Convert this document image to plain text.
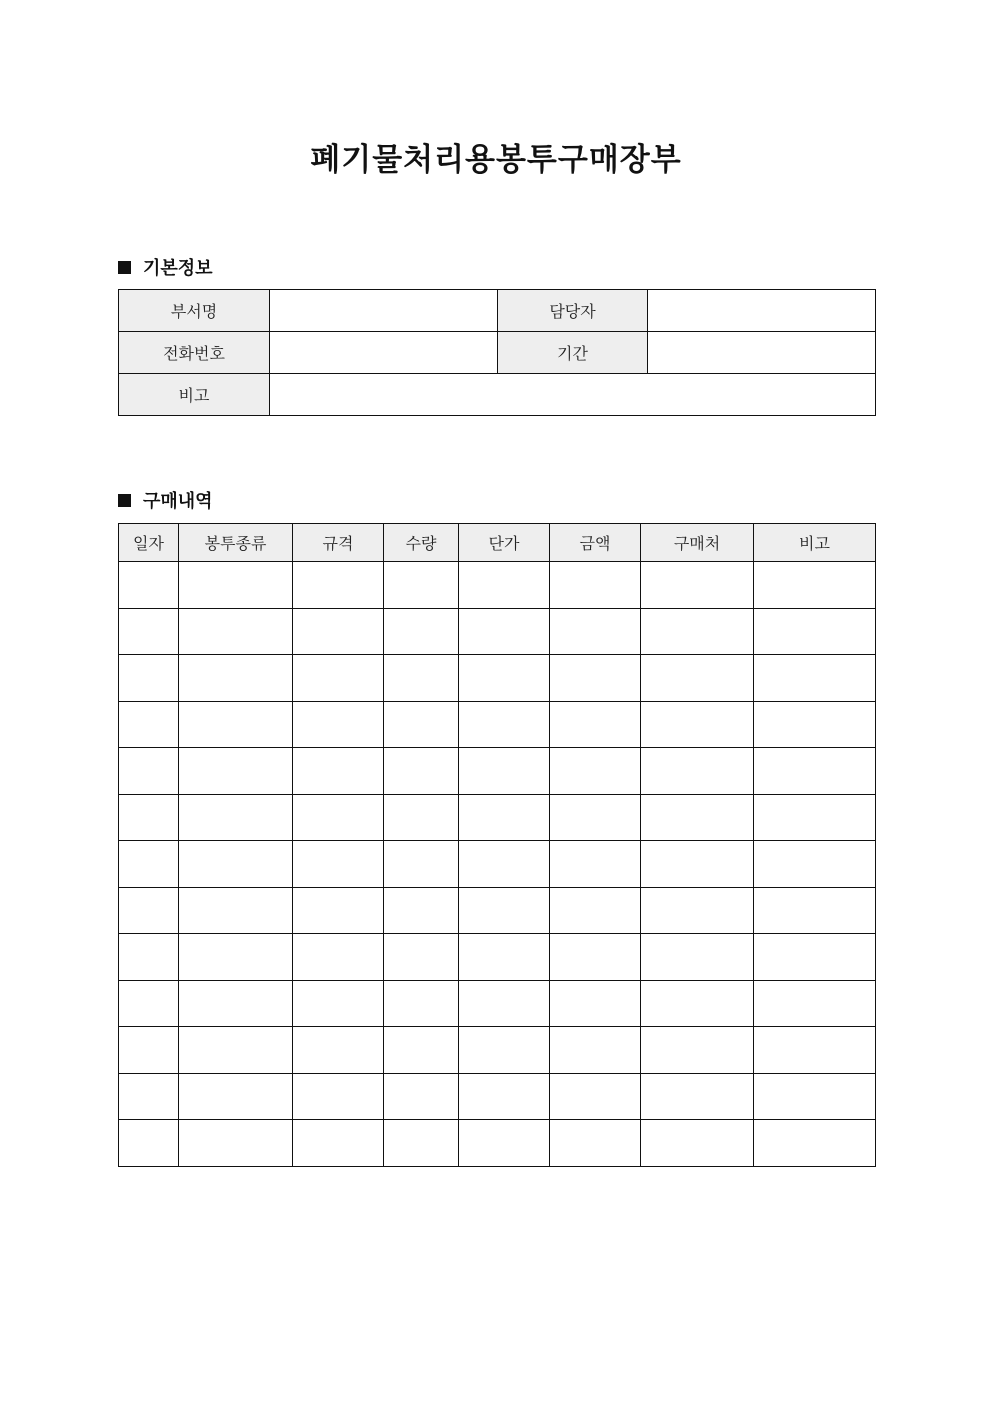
폐기물처리용봉투구매장부
기본정보
부서명		담당자	
전화번호		기간	
비고			
구매내역
일자	봉투종류	규격	수량	단가	금액	구매처	비고
